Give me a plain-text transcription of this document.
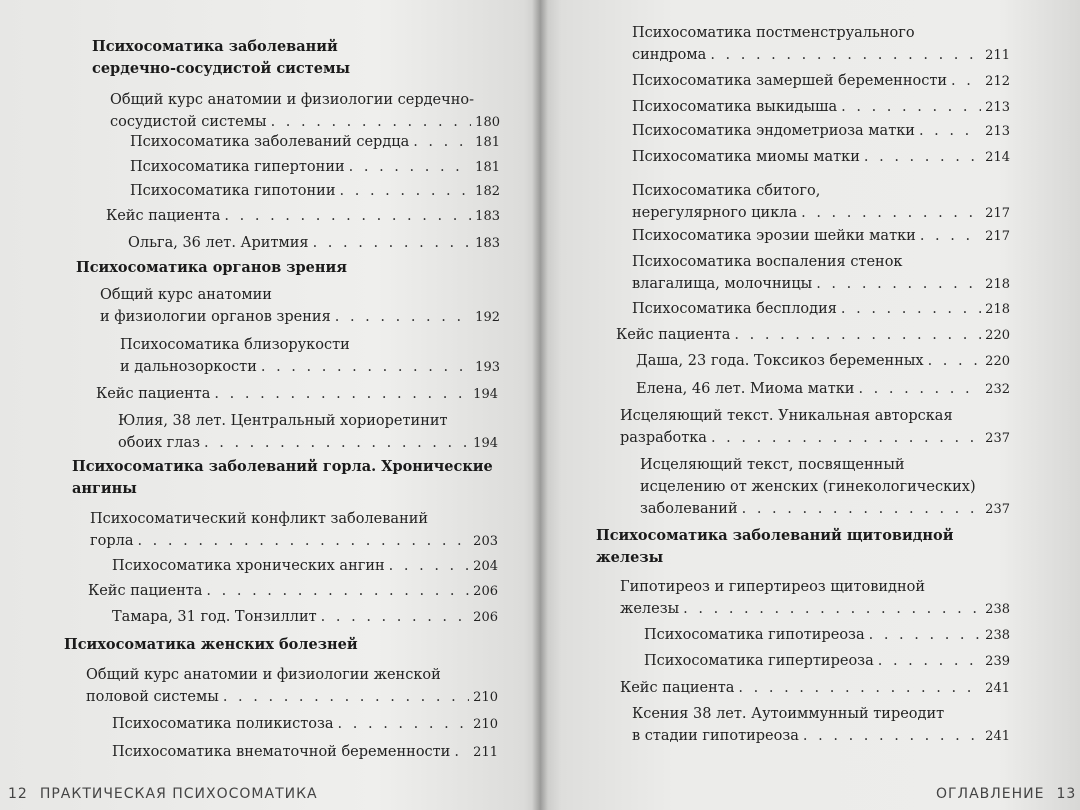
Психосоматика заболеваний
сердечно-сосудистой системы
Общий курс анатомии и физиологии сердечно-
сосудистой системы . . .	180
Психосоматика заболеваний сердца . . .	181
Психосоматика гипертонии . . .	181
Психосоматика гипотонии . . .	182
Кейс пациента . . .	183
Ольга, 36 лет. Аритмия . . .	183
Психосоматика органов зрения
Общий курс анатомии
и физиологии органов зрения . . .	192
Психосоматика близорукости
и дальнозоркости . . .	193
Кейс пациента . . .	194
Юлия, 38 лет. Центральный хориоретинит
обоих глаз . . .	194
Психосоматика заболеваний горла. Хронические
ангины
Психосоматический конфликт заболеваний
горла . . .	203
Психосоматика хронических ангин . . .	204
Кейс пациента . . .	206
Тамара, 31 год. Тонзиллит . . .	206
Психосоматика женских болезней
Общий курс анатомии и физиологии женской
половой системы . . .	210
Психосоматика поликистоза . . .	210
Психосоматика внематочной беременности . . . 211
12 ПРАКТИЧЕСКАЯ ПСИХОСОМАТИКА
Психосоматика постменструального
синдрома . . .	211
Психосоматика замершей беременности . . .	212
Психосоматика выкидыша . . .	213
Психосоматика эндометриоза матки . . .	213
Психосоматика миомы матки . . .	214
Психосоматика сбитого,
нерегулярного цикла . . .	217
Психосоматика эрозии шейки матки . . .	217
Психосоматика воспаления стенок
влагалища, молочницы . . .	218
Психосоматика бесплодия . . .	218
Кейс пациента . . .	220
Даша, 23 года. Токсикоз беременных . . .	220
Елена, 46 лет. Миома матки . . .	232
Исцеляющий текст. Уникальная авторская
разработка . . .	237
Исцеляющий текст, посвященный
исцелению от женских (гинекологических)
заболеваний . . .	237
Психосоматика заболеваний щитовидной
железы
Гипотиреоз и гипертиреоз щитовидной
железы . . .	238
Психосоматика гипотиреоза . . .	238
Психосоматика гипертиреоза . . .	239
Кейс пациента . . .	241
Ксения 38 лет. Аутоиммунный тиреодит
в стадии гипотиреоза . . .	241
ОГЛАВЛЕНИЕ 13
